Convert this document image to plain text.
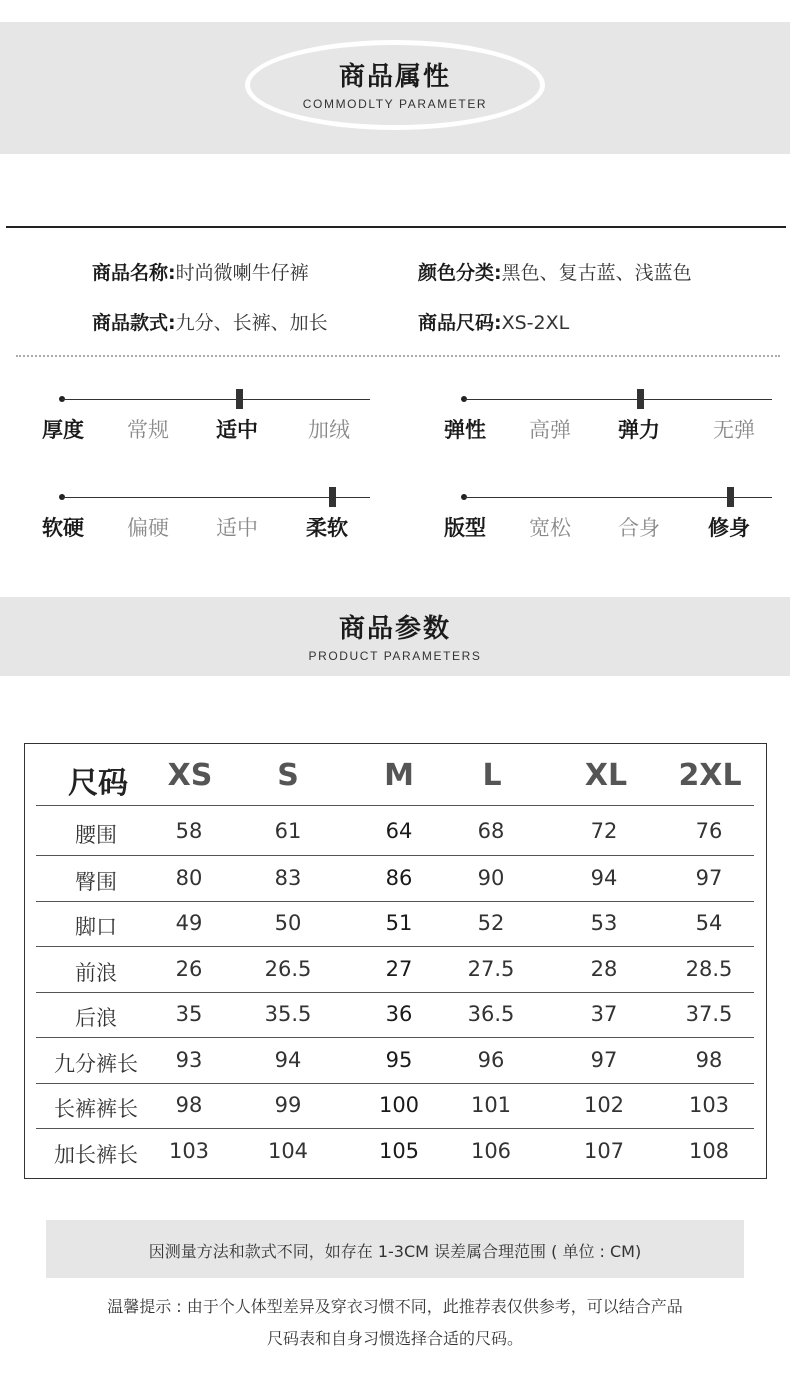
商品属性
COMMODLTY PARAMETER
商品名称:时尚微喇牛仔裤	颜色分类:黑色、复古蓝、浅蓝色
商品款式:九分、长裤、加长	商品尺码:XS-2XL
厚度	常规	适中	加绒	弹性	高弹	弹力	无弹
软硬	偏硬	适中	柔软	版型	宽松	合身	修身
商品参数
PRODUCT PARAMETERS
尺码	XS	S	M	L	XL	2XL
腰围	58	61	64	68	72	76
臀围	80	83	86	90	94	97
脚口	49	50	51	52	53	54
前浪	26	26.5	27	27.5	28	28.5
后浪	35	35.5	36	36.5	37	37.5
九分裤长	93	94	95	96	97	98
长裤裤长	98	99	100	101	102	103
加长裤长	103	104	105	106	107	108
因测量方法和款式不同，如存在 1-3CM 误差属合理范围 ( 单位 : CM)
温馨提示 : 由于个人体型差异及穿衣习惯不同，此推荐表仅供参考，可以结合产品
尺码表和自身习惯选择合适的尺码。
